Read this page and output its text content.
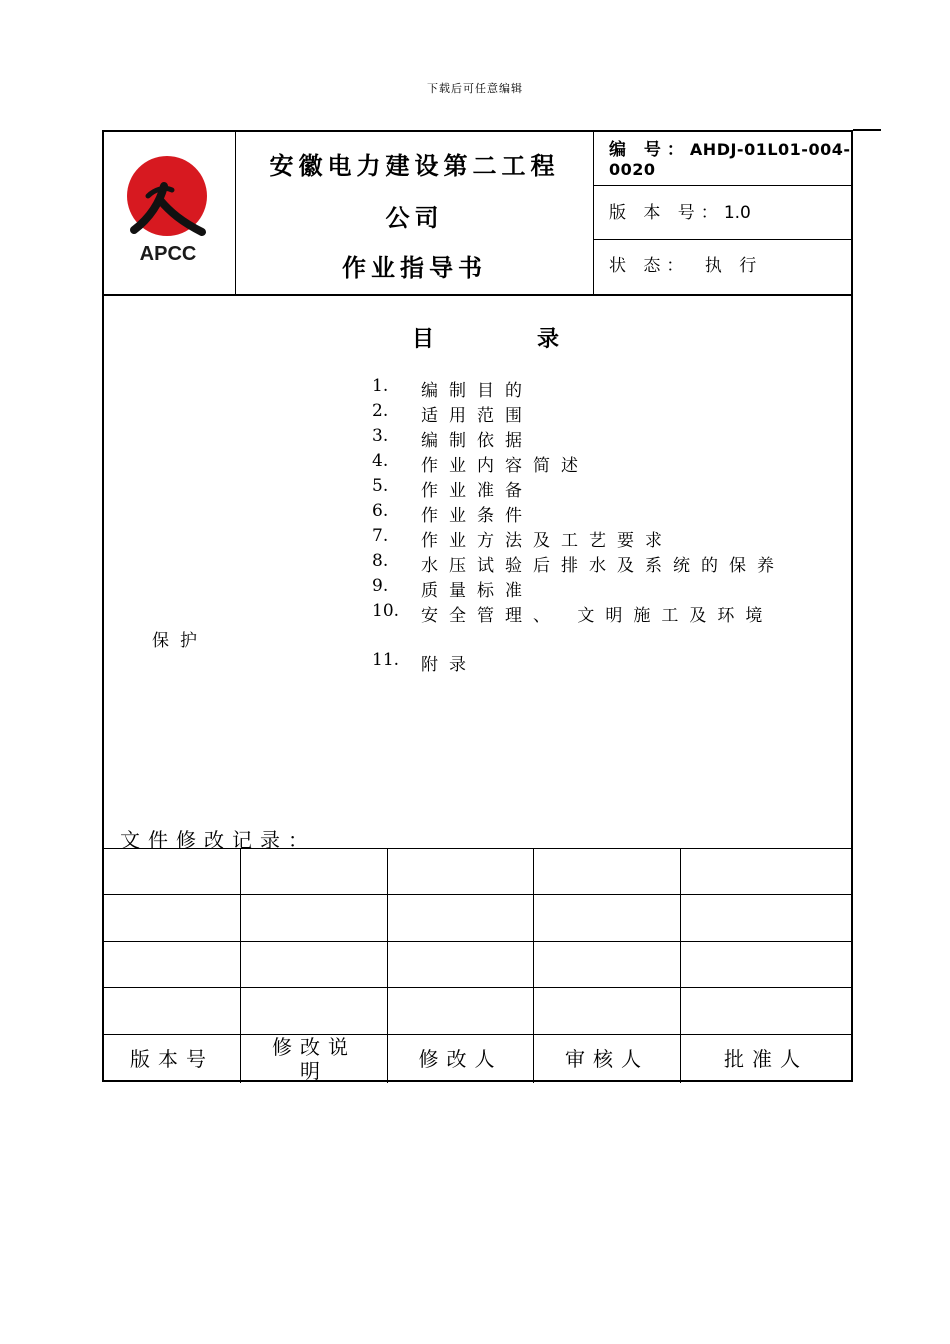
下载后可任意编辑
APCC
安徽电力建设第二工程
公司
作业指导书
编 号：AHDJ-01L01-004-
0020
版 本 号：1.0
状 态： 执 行
目	录
1. 编制目的
2. 适用范围
3. 编制依据
4. 作业内容简述
5. 作业准备
6. 作业条件
7. 作业方法及工艺要求
8. 水压试验后排水及系统的保养
9. 质量标准
10. 安全管理、 文明施工及环境
11. 附录
保护
文件修改记录：
版本号	修改说明	修改人	审核人	批准人
